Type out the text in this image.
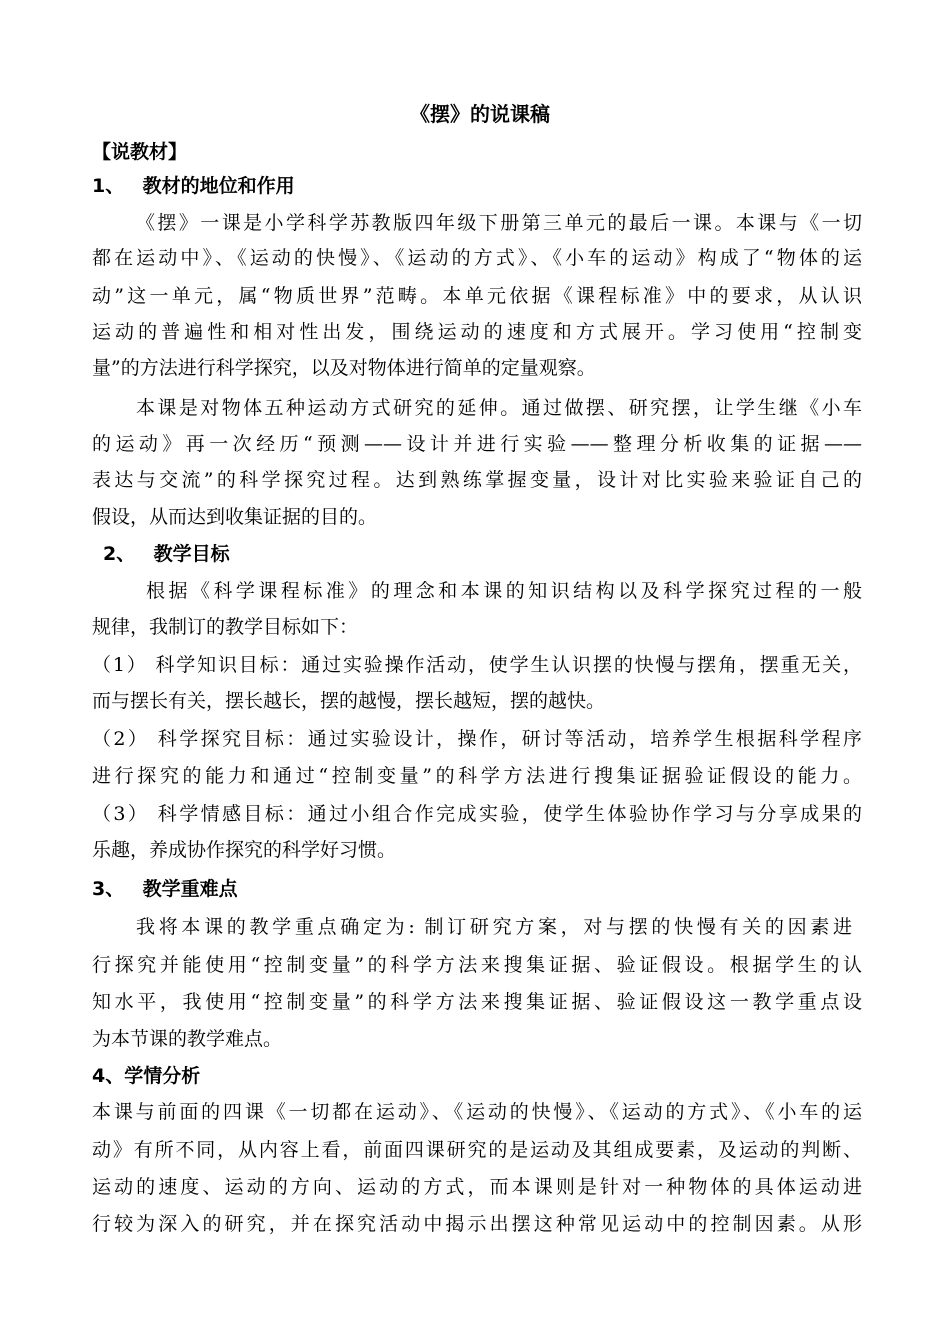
《摆》的说课稿
【说教材】
1、 教材的地位和作用
《摆》一课是小学科学苏教版四年级下册第三单元的最后一课。本课与《一切
都在运动中》、《运动的快慢》、《运动的方式》、《小车的运动》构成了“物体的运
动”这一单元，属“物质世界”范畴。本单元依据《课程标准》中的要求，从认识
运动的普遍性和相对性出发，围绕运动的速度和方式展开。学习使用“控制变
量”的方法进行科学探究，以及对物体进行简单的定量观察。
本课是对物体五种运动方式研究的延伸。通过做摆、研究摆，让学生继《小车
的运动》再一次经历“预测——设计并进行实验——整理分析收集的证据——
表达与交流”的科学探究过程。达到熟练掌握变量，设计对比实验来验证自己的
假设，从而达到收集证据的目的。
2、 教学目标
根据《科学课程标准》的理念和本课的知识结构以及科学探究过程的一般
规律，我制订的教学目标如下：
（1） 科学知识目标：通过实验操作活动，使学生认识摆的快慢与摆角，摆重无关，
而与摆长有关，摆长越长，摆的越慢，摆长越短，摆的越快。
（2） 科学探究目标：通过实验设计，操作，研讨等活动，培养学生根据科学程序
进行探究的能力和通过“控制变量”的科学方法进行搜集证据验证假设的能力。
（3） 科学情感目标：通过小组合作完成实验，使学生体验协作学习与分享成果的
乐趣，养成协作探究的科学好习惯。
3、 教学重难点
我将本课的教学重点确定为: 制订研究方案，对与摆的快慢有关的因素进
行探究并能使用“控制变量”的科学方法来搜集证据、验证假设。根据学生的认
知水平，我使用“控制变量”的科学方法来搜集证据、验证假设这一教学重点设
为本节课的教学难点。
4、学情分析
本课与前面的四课《一切都在运动》、《运动的快慢》、《运动的方式》、《小车的运
动》有所不同，从内容上看，前面四课研究的是运动及其组成要素，及运动的判断、
运动的速度、运动的方向、运动的方式，而本课则是针对一种物体的具体运动进
行较为深入的研究，并在探究活动中揭示出摆这种常见运动中的控制因素。从形
